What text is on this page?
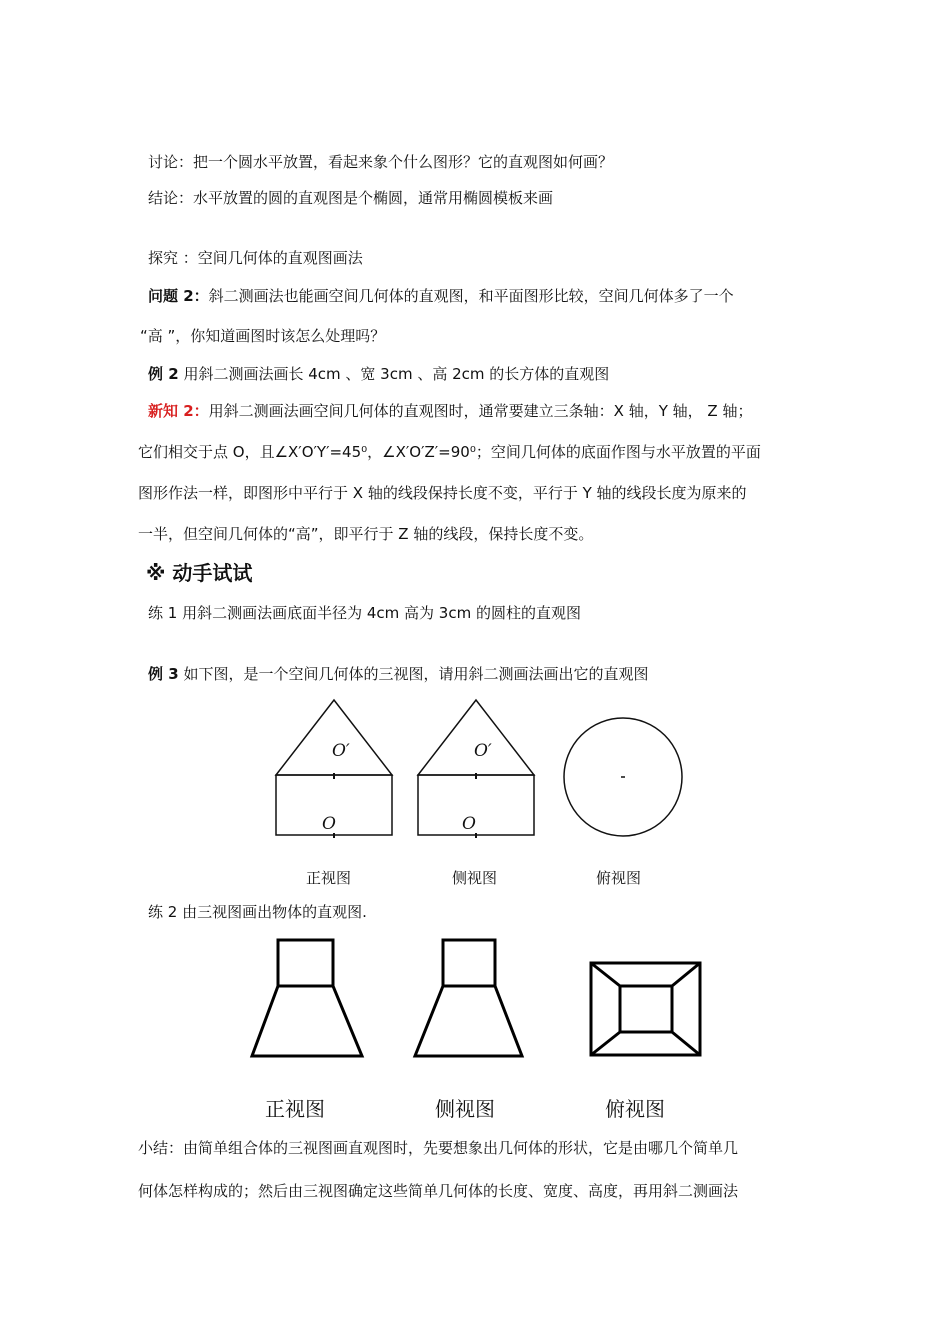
讨论：把一个圆水平放置，看起来象个什么图形？它的直观图如何画？
结论：水平放置的圆的直观图是个椭圆，通常用椭圆模板来画
探究 ：空间几何体的直观图画法
问题 2：斜二测画法也能画空间几何体的直观图，和平面图形比较，空间几何体多了一个
“高 ”，你知道画图时该怎么处理吗？
例 2 用斜二测画法画长 4cm 、宽 3cm 、高 2cm 的长方体的直观图
新知 2：用斜二测画法画空间几何体的直观图时，通常要建立三条轴：X 轴，Y 轴， Z 轴；
它们相交于点 O，且∠X′O′Y′=45⁰，∠X′O′Z′=90⁰；空间几何体的底面作图与水平放置的平面
图形作法一样，即图形中平行于 X 轴的线段保持长度不变，平行于 Y 轴的线段长度为原来的
一半，但空间几何体的“高”，即平行于 Z 轴的线段，保持长度不变。
※ 动手试试
练 1 用斜二测画法画底面半径为 4cm 高为 3cm 的圆柱的直观图
例 3 如下图，是一个空间几何体的三视图，请用斜二测画法画出它的直观图
O′
O
O′
O
正视图	侧视图	俯视图
练 2 由三视图画出物体的直观图.
正视图	侧视图	俯视图
小结：由简单组合体的三视图画直观图时，先要想象出几何体的形状，它是由哪几个简单几
何体怎样构成的；然后由三视图确定这些简单几何体的长度、宽度、高度，再用斜二测画法
